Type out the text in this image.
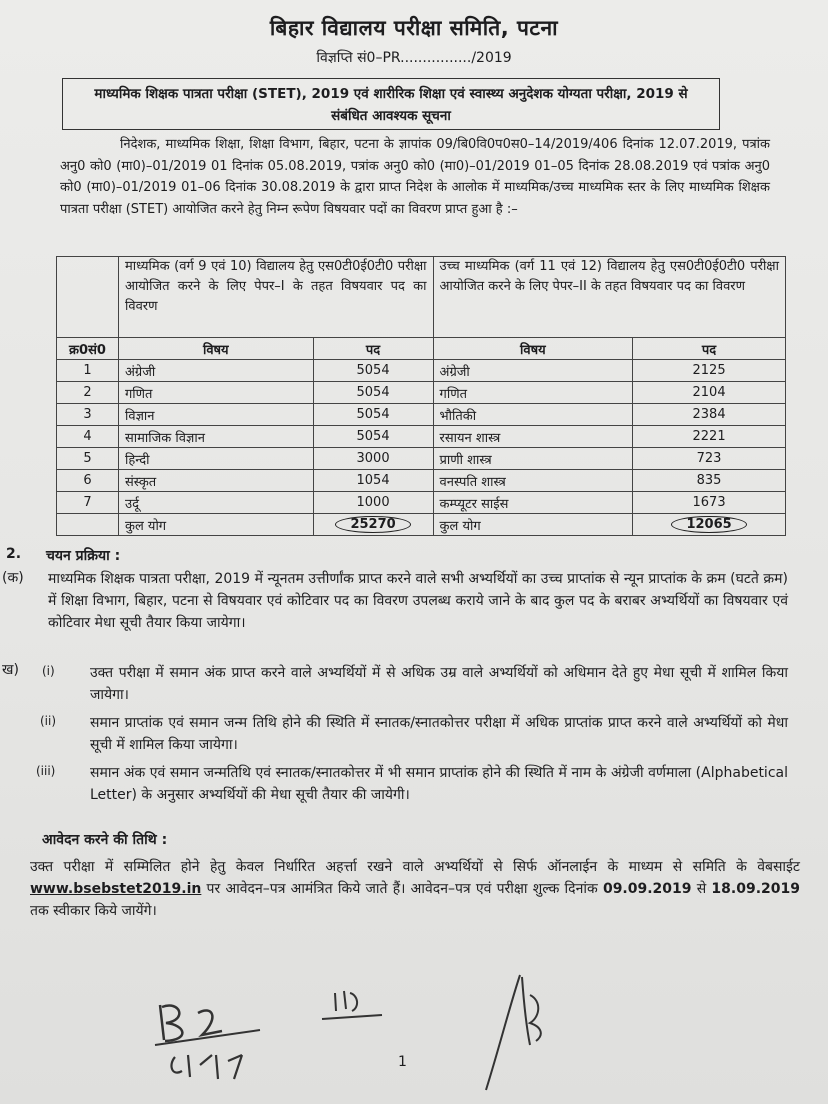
बिहार विद्यालय परीक्षा समिति, पटना
विज्ञप्ति सं0–PR................/2019
माध्यमिक शिक्षक पात्रता परीक्षा (STET), 2019 एवं शारीरिक शिक्षा एवं स्वास्थ्य अनुदेशक योग्यता परीक्षा, 2019 से संबंधित आवश्यक सूचना
निदेशक, माध्यमिक शिक्षा, शिक्षा विभाग, बिहार, पटना के ज्ञापांक 09/बि0वि0प0स0–14/2019/406 दिनांक 12.07.2019, पत्रांक अनु0 को0 (मा0)–01/2019 01 दिनांक 05.08.2019, पत्रांक अनु0 को0 (मा0)–01/2019 01–05 दिनांक 28.08.2019 एवं पत्रांक अनु0 को0 (मा0)–01/2019 01–06 दिनांक 30.08.2019 के द्वारा प्राप्त निदेश के आलोक में माध्यमिक/उच्च माध्यमिक स्तर के लिए माध्यमिक शिक्षक पात्रता परीक्षा (STET) आयोजित करने हेतु निम्न रूपेण विषयवार पदों का विवरण प्राप्त हुआ है :–
	माध्यमिक (वर्ग 9 एवं 10) विद्यालय हेतु एस0टी0ई0टी0 परीक्षा आयोजित करने के लिए पेपर–I के तहत विषयवार पद का विवरण		उच्च माध्यमिक (वर्ग 11 एवं 12) विद्यालय हेतु एस0टी0ई0टी0 परीक्षा आयोजित करने के लिए पेपर–II के तहत विषयवार पद का विवरण	
क्र0सं0	विषय	पद	विषय	पद
1	अंग्रेजी	5054	अंग्रेजी	2125
2	गणित	5054	गणित	2104
3	विज्ञान	5054	भौतिकी	2384
4	सामाजिक विज्ञान	5054	रसायन शास्त्र	2221
5	हिन्दी	3000	प्राणी शास्त्र	723
6	संस्कृत	1054	वनस्पति शास्त्र	835
7	उर्दू	1000	कम्प्यूटर साईस	1673
	कुल योग	25270	कुल योग	12065
2. चयन प्रक्रिया :
(क) माध्यमिक शिक्षक पात्रता परीक्षा, 2019 में न्यूनतम उत्तीर्णांक प्राप्त करने वाले सभी अभ्यर्थियों का उच्च प्राप्तांक से न्यून प्राप्तांक के क्रम (घटते क्रम) में शिक्षा विभाग, बिहार, पटना से विषयवार एवं कोटिवार पद का विवरण उपलब्ध कराये जाने के बाद कुल पद के बराबर अभ्यर्थियों का विषयवार एवं कोटिवार मेधा सूची तैयार किया जायेगा।
ख) (i)	उक्त परीक्षा में समान अंक प्राप्त करने वाले अभ्यर्थियों में से अधिक उम्र वाले अभ्यर्थियों को अधिमान देते हुए मेधा सूची में शामिल किया जायेगा।
(ii) समान प्राप्तांक एवं समान जन्म तिथि होने की स्थिति में स्नातक/स्नातकोत्तर परीक्षा में अधिक प्राप्तांक प्राप्त करने वाले अभ्यर्थियों को मेधा सूची में शामिल किया जायेगा।
(iii) समान अंक एवं समान जन्मतिथि एवं स्नातक/स्नातकोत्तर में भी समान प्राप्तांक होने की स्थिति में नाम के अंग्रेजी वर्णमाला (Alphabetical Letter) के अनुसार अभ्यर्थियों की मेधा सूची तैयार की जायेगी।
आवेदन करने की तिथि :
उक्त परीक्षा में सम्मिलित होने हेतु केवल निर्धारित अहर्त्ता रखने वाले अभ्यर्थियों से सिर्फ ऑनलाईन के माध्यम से समिति के वेबसाईट www.bsebstet2019.in पर आवेदन–पत्र आमंत्रित किये जाते हैं। आवेदन–पत्र एवं परीक्षा शुल्क दिनांक 09.09.2019 से 18.09.2019 तक स्वीकार किये जायेंगे।
1
